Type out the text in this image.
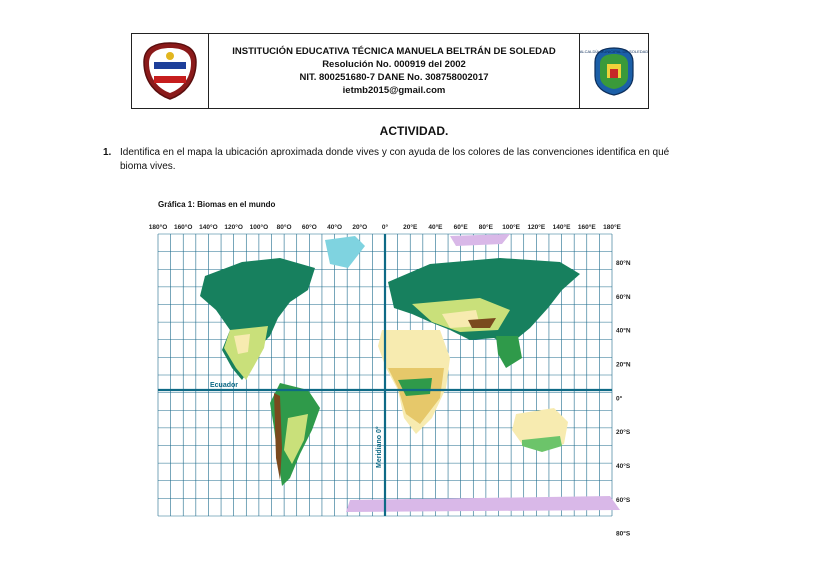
INSTITUCIÓN EDUCATIVA TÉCNICA MANUELA BELTRÁN DE SOLEDAD
Resolución No. 000919 del 2002
NIT. 800251680-7 DANE No. 308758002017
ietmb2015@gmail.com
ALCALDÍA MUNICIPAL DE SOLEDAD
ACTIVIDAD.
1. Identifica en el mapa la ubicación aproximada donde vives y con ayuda de los colores de las convenciones identifica en qué bioma vives.
Gráfica 1: Biomas en el mundo
180°O 160°O 140°O 120°O 100°O 80°O 60°O 40°O 20°O 0° 20°E 40°E 60°E 80°E 100°E 120°E 140°E 160°E 180°E
80°N
60°N
40°N
20°N
0°
20°S
40°S
60°S
80°S
Ecuador
Meridiano 0°
